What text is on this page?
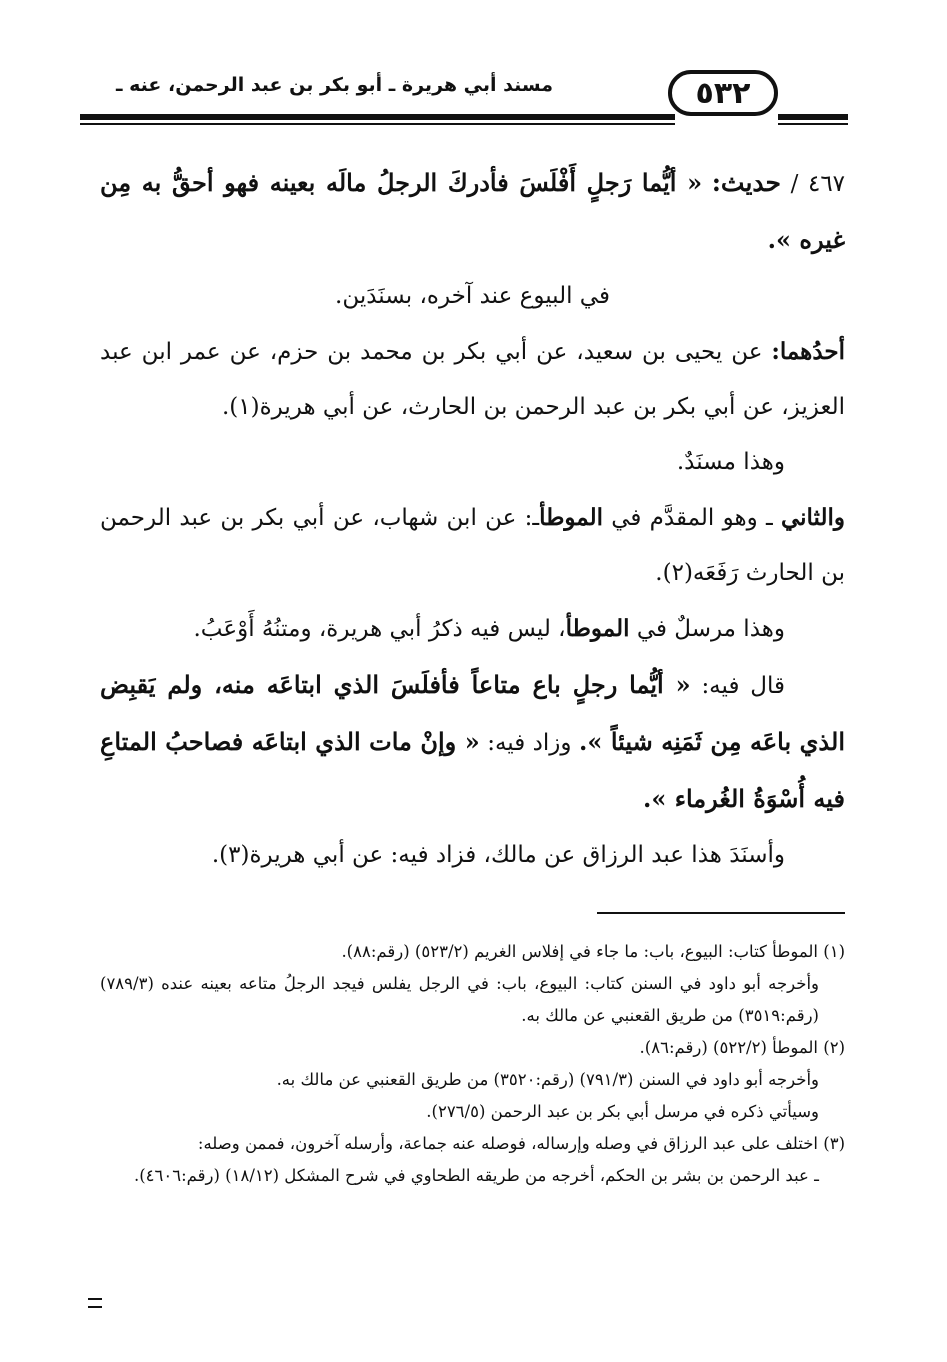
مسند أبي هريرة ـ أبو بكر بن عبد الرحمن، عنه ـ	٥٣٢

٤٦٧ / حديث: « أيُّما رَجلٍ أَفْلَسَ فأدركَ الرجلُ مالَه بعينه فهو أحقُّ به مِن غيره ».

في البيوع عند آخره، بسنَدَين.

أحدُهما: عن يحيى بن سعيد، عن أبي بكر بن محمد بن حزم، عن عمر ابن عبد العزيز، عن أبي بكر بن عبد الرحمن بن الحارث، عن أبي هريرة(١).

وهذا مسنَدٌ.

والثاني ـ وهو المقدَّم في الموطأـ: عن ابن شهاب، عن أبي بكر بن عبد الرحمن بن الحارث رَفَعَه(٢).

وهذا مرسلٌ في الموطأ، ليس فيه ذكرُ أبي هريرة، ومتنُهُ أَوْعَبُ.

قال فيه: « أيُّما رجلٍ باع متاعاً فأفلَسَ الذي ابتاعَه منه، ولم يَقبِض الذي باعَه مِن ثَمَنِه شيئاً ». وزاد فيه: « وإنْ مات الذي ابتاعَه فصاحبُ المتاعِ فيه أُسْوَةُ الغُرماء ».

وأسنَدَ هذا عبد الرزاق عن مالك، فزاد فيه: عن أبي هريرة(٣).

(١) الموطأ كتاب: البيوع، باب: ما جاء في إفلاس الغريم (٥٢٣/٢) (رقم:٨٨).

وأخرجه أبو داود في السنن كتاب: البيوع، باب: في الرجل يفلس فيجد الرجلُ متاعه بعينه عنده (٧٨٩/٣) (رقم:٣٥١٩) من طريق القعنبي عن مالك به.

(٢) الموطأ (٥٢٢/٢) (رقم:٨٦).

وأخرجه أبو داود في السنن (٧٩١/٣) (رقم:٣٥٢٠) من طريق القعنبي عن مالك به.

وسيأتي ذكره في مرسل أبي بكر بن عبد الرحمن (٢٧٦/٥).

(٣) اختلف على عبد الرزاق في وصله وإرساله، فوصله عنه جماعة، وأرسله آخرون، فممن وصله:

ـ عبد الرحمن بن بشر بن الحكم، أخرجه من طريقه الطحاوي في شرح المشكل (١٨/١٢) (رقم:٤٦٠٦).
